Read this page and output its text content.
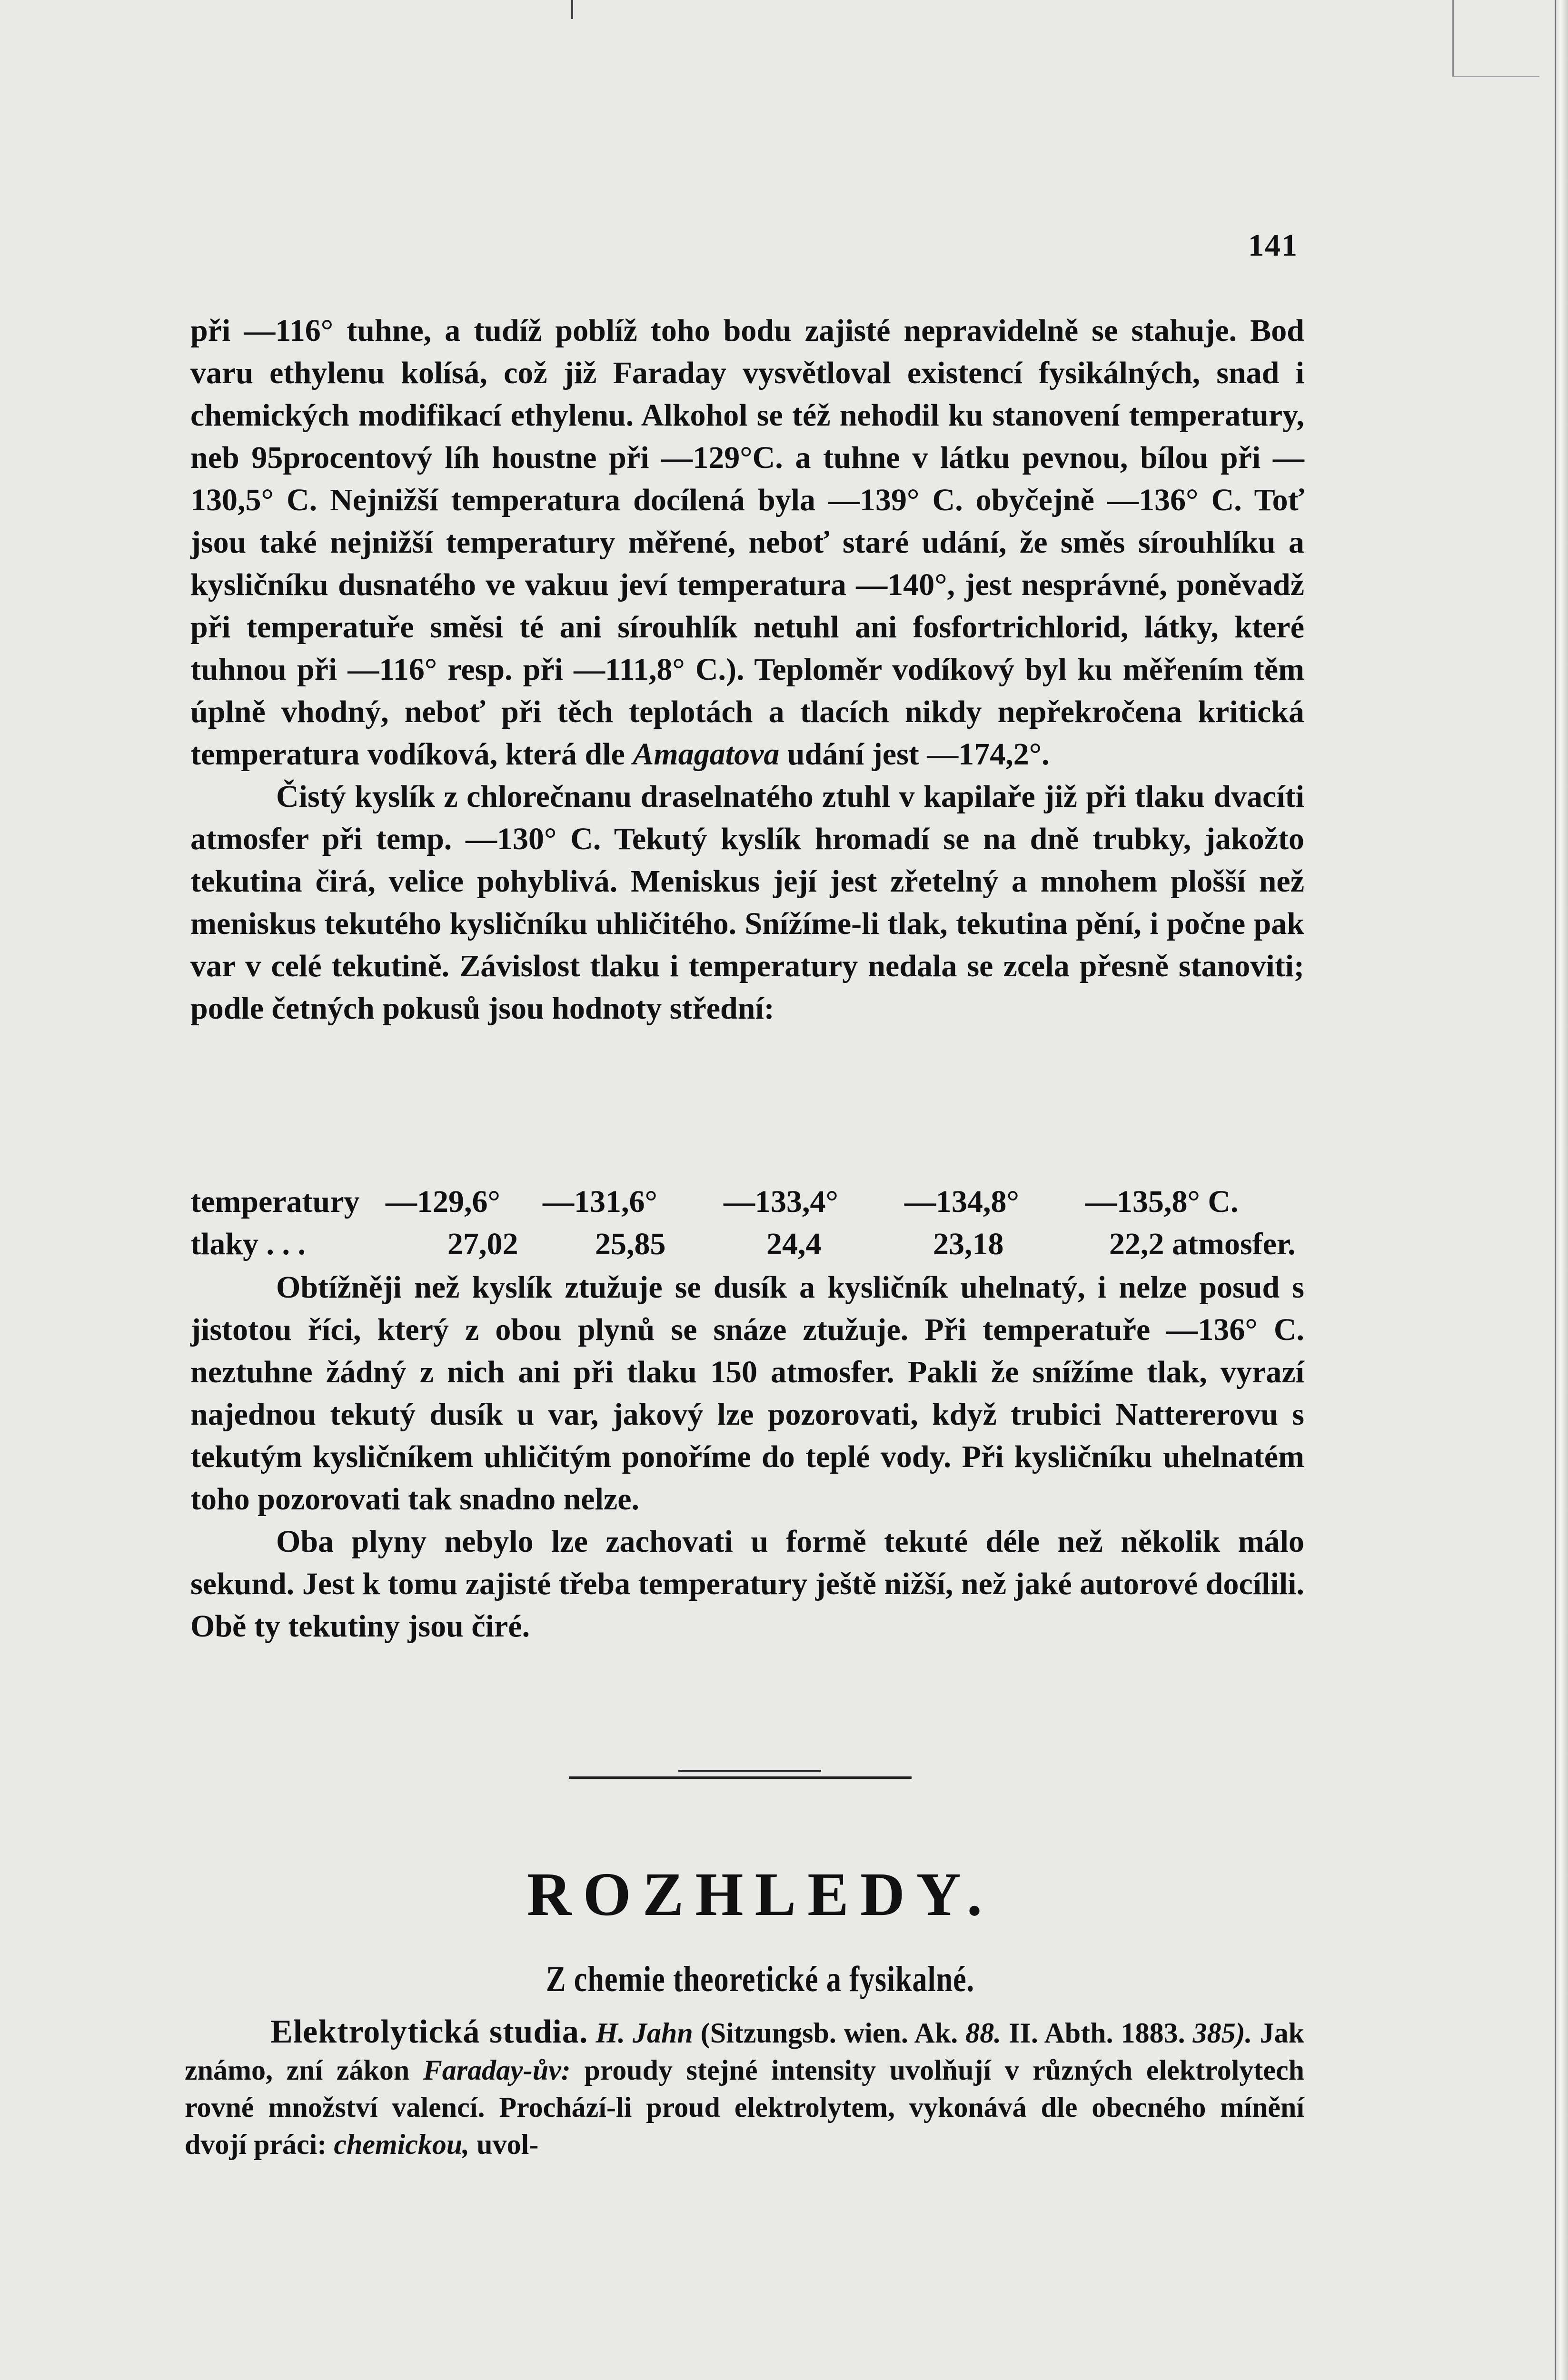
141

při —116° tuhne, a tudíž poblíž toho bodu zajisté nepravidelně se stahuje. Bod varu ethylenu kolísá, což již Faraday vysvětloval existencí fysikálných, snad i chemických modifikací ethylenu. Alkohol se též nehodil ku stanovení temperatury, neb 95procentový líh houstne při —129°C. a tuhne v látku pevnou, bílou při —130,5° C. Nejnižší temperatura docílená byla —139° C. obyčejně —136° C. Toť jsou také nejnižší temperatury měřené, neboť staré udání, že směs sírouhlíku a kysličníku dusnatého ve vakuu jeví temperatura —140°, jest nesprávné, poněvadž při temperatuře směsi té ani sírouhlík netuhl ani fosfortrichlorid, látky, které tuhnou při —116° resp. při —111,8° C.). Teploměr vodíkový byl ku měřením těm úplně vhodný, neboť při těch teplotách a tlacích nikdy nepřekročena kritická temperatura vodíková, která dle Amagatova udání jest —174,2°.

Čistý kyslík z chlorečnanu draselnatého ztuhl v kapilaře již při tlaku dvacíti atmosfer při temp. —130° C. Tekutý kyslík hromadí se na dně trubky, jakožto tekutina čirá, velice pohyblivá. Meniskus její jest zřetelný a mnohem plošší než meniskus tekutého kysličníku uhličitého. Snížíme-li tlak, tekutina pění, i počne pak var v celé tekutině. Závislost tlaku i temperatury nedala se zcela přesně stanoviti; podle četných pokusů jsou hodnoty střední:

temperatury —129,6° —131,6° —133,4° —134,8° —135,8° C.
tlaky . . .	27,02 25,85	24,4	23,18	22,2 atmosfer.

Obtížněji než kyslík ztužuje se dusík a kysličník uhelnatý, i nelze posud s jistotou říci, který z obou plynů se snáze ztužuje. Při temperatuře —136° C. neztuhne žádný z nich ani při tlaku 150 atmosfer. Pakli že snížíme tlak, vyrazí najednou tekutý dusík u var, jakový lze pozorovati, když trubici Nattererovu s tekutým kysličníkem uhličitým ponoříme do teplé vody. Při kysličníku uhelnatém toho pozorovati tak snadno nelze.

Oba plyny nebylo lze zachovati u formě tekuté déle než několik málo sekund. Jest k tomu zajisté třeba temperatury ještě nižší, než jaké autorové docílili. Obě ty tekutiny jsou čiré.

ROZHLEDY.
Z chemie theoretické a fysikalné.

Elektrolytická studia. H. Jahn (Sitzungsb. wien. Ak. 88. II. Abth. 1883. 385). Jak známo, zní zákon Faraday-ův: proudy stejné intensity uvolňují v různých elektrolytech rovné množství valencí. Prochází-li proud elektrolytem, vykonává dle obecného mínění dvojí práci: chemickou, uvol-
